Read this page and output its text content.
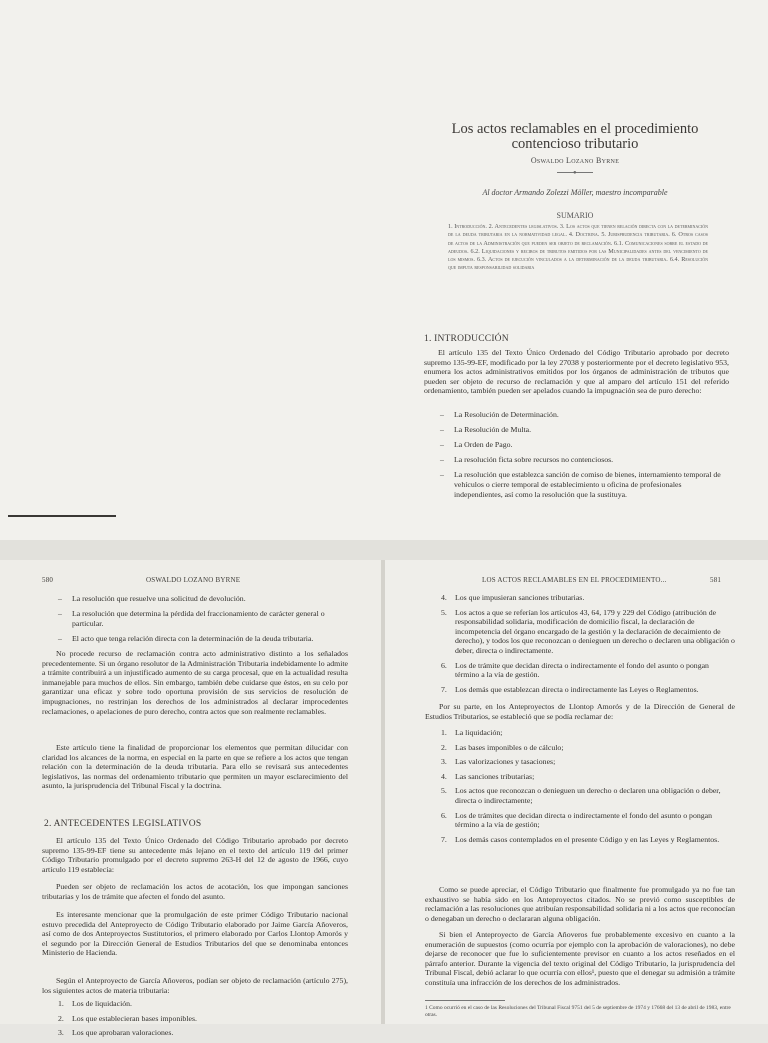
Los actos reclamables en el procedimiento
contencioso tributario
Oswaldo Lozano Byrne
●
Al doctor Armando Zolezzi Möller, maestro incomparable
SUMARIO
1. Introducción. 2. Antecedentes legislativos. 3. Los actos que tienen relación directa con la determinación de la deuda tributaria en la normatividad legal. 4. Doctrina. 5. Jurisprudencia tributaria. 6. Otros casos de actos de la Administración que pueden ser objeto de reclamación. 6.1. Comunicaciones sobre el estado de adeudos. 6.2. Liquidaciones y recibos de tributos emitidos por las Municipalidades antes del vencimiento de los mismos. 6.3. Actos de ejecución vinculados a la determinación de la deuda tributaria. 6.4. Resolución que imputa responsabilidad solidaria
1. INTRODUCCIÓN
El artículo 135 del Texto Único Ordenado del Código Tributario aprobado por decreto supremo 135-99-EF, modificado por la ley 27038 y posteriormente por el decreto legislativo 953, enumera los actos administrativos emitidos por los órganos de administración de tributos que pueden ser objeto de recurso de reclamación y que al amparo del artículo 151 del referido ordenamiento, también pueden ser apelados cuando la impugnación sea de puro derecho:
– La Resolución de Determinación.
– La Resolución de Multa.
– La Orden de Pago.
– La resolución ficta sobre recursos no contenciosos.
– La resolución que establezca sanción de comiso de bienes, internamiento temporal de vehículos o cierre temporal de establecimiento u oficina de profesionales independientes, así como la resolución que la sustituya.
580	OSWALDO LOZANO BYRNE
– La resolución que resuelve una solicitud de devolución.
– La resolución que determina la pérdida del fraccionamiento de carácter general o particular.
– El acto que tenga relación directa con la determinación de la deuda tributaria.
No procede recurso de reclamación contra acto administrativo distinto a los señalados precedentemente. Si un órgano resolutor de la Administración Tributaria indebidamente lo admite a trámite contribuirá a un injustificado aumento de su carga procesal, que en la actualidad resulta inmanejable para muchos de ellos. Sin embargo, también debe cuidarse que éstos, en su celo por garantizar una eficaz y sobre todo oportuna provisión de sus servicios de resolución de impugnaciones, no restrinjan los derechos de los administrados al declarar improcedentes reclamaciones, o apelaciones de puro derecho, contra actos que son realmente reclamables.
Este artículo tiene la finalidad de proporcionar los elementos que permitan dilucidar con claridad los alcances de la norma, en especial en la parte en que se refiere a los actos que tengan relación con la determinación de la deuda tributaria. Para ello se revisará sus antecedentes legislativos, las normas del ordenamiento tributario que permiten un mayor esclarecimiento del asunto, la jurisprudencia del Tribunal Fiscal y la doctrina.
2. ANTECEDENTES LEGISLATIVOS
El artículo 135 del Texto Único Ordenado del Código Tributario aprobado por decreto supremo 135-99-EF tiene su antecedente más lejano en el texto del artículo 119 del primer Código Tributario promulgado por el decreto supremo 263-H del 12 de agosto de 1966, cuyo artículo 119 establecía:
Pueden ser objeto de reclamación los actos de acotación, los que impongan sanciones tributarias y los de trámite que afecten el fondo del asunto.
Es interesante mencionar que la promulgación de este primer Código Tributario nacional estuvo precedida del Anteproyecto de Código Tributario elaborado por Jaime García Añoveros, así como de dos Anteproyectos Sustitutorios, el primero elaborado por Carlos Llontop Amorós y el segundo por la Dirección General de Estudios Tributarios del que se denominaba entonces Ministerio de Hacienda.
Según el Anteproyecto de García Añoveros, podían ser objeto de reclamación (artículo 275), los siguientes actos de materia tributaria:
1. Los de liquidación.
2. Los que establecieran bases imponibles.
3. Los que aprobaran valoraciones.
LOS ACTOS RECLAMABLES EN EL PROCEDIMIENTO...	581
4. Los que impusieran sanciones tributarias.
5. Los actos a que se referían los artículos 43, 64, 179 y 229 del Código (atribución de responsabilidad solidaria, modificación de domicilio fiscal, la declaración de incompetencia del órgano encargado de la gestión y la declaración de decaimiento de derecho), y todos los que reconozcan o denieguen un derecho o declaren una obligación o deber, directa o indirectamente.
6. Los de trámite que decidan directa o indirectamente el fondo del asunto o pongan término a la vía de gestión.
7. Los demás que establezcan directa o indirectamente las Leyes o Reglamentos.
Por su parte, en los Anteproyectos de Llontop Amorós y de la Dirección de General de Estudios Tributarios, se estableció que se podía reclamar de:
1. La liquidación;
2. Las bases imponibles o de cálculo;
3. Las valorizaciones y tasaciones;
4. Las sanciones tributarias;
5. Los actos que reconozcan o denieguen un derecho o declaren una obligación o deber, directa o indirectamente;
6. Los de trámites que decidan directa o indirectamente el fondo del asunto o pongan término a la vía de gestión;
7. Los demás casos contemplados en el presente Código y en las Leyes y Reglamentos.
Como se puede apreciar, el Código Tributario que finalmente fue promulgado ya no fue tan exhaustivo se había sido en los Anteproyectos citados. No se previó como susceptibles de reclamación a las resoluciones que atribuían responsabilidad solidaria ni a los actos que reconocían o denegaban un derecho o declararan alguna obligación.
Si bien el Anteproyecto de García Añoveros fue probablemente excesivo en cuanto a la enumeración de supuestos (como ocurría por ejemplo con la aprobación de valoraciones), no debe dejarse de reconocer que fue lo suficientemente previsor en cuanto a los actos reseñados en el párrafo anterior. Durante la vigencia del texto original del Código Tributario, la jurisprudencia del Tribunal Fiscal, debió aclarar lo que ocurría con ellos¹, puesto que el denegar su admisión a trámite constituía una infracción de los derechos de los administrados.
1 Como ocurrió en el caso de las Resoluciones del Tribunal Fiscal 9751 del 5 de septiembre de 1974 y 17668 del 13 de abril de 1983, entre otras.
